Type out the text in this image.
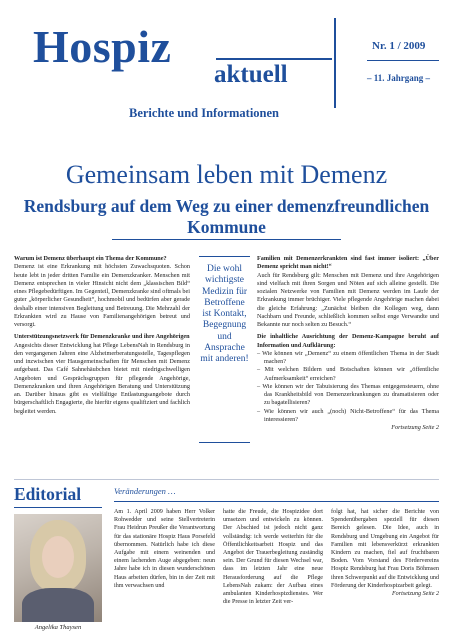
Hospiz
aktuell
Nr. 1 / 2009
– 11. Jahrgang –
Berichte und Informationen
Gemeinsam leben mit Demenz
Rendsburg auf dem Weg zu einer demenzfreundlichen Kommune

Warum ist Demenz überhaupt ein Thema der Kommune?

Demenz ist eine Erkrankung mit höchsten Zuwachsquoten. Schon heute lebt in jeder dritten Familie ein Demenzkranker. Menschen mit Demenz entsprechen in vieler Hinsicht nicht dem „klassischen Bild“ eines Pflegebedürftigen. Im Gegenteil, Demenzkranke sind oftmals bei guter „körperlicher Gesundheit“, hochmobil und bedürfen aber gerade deshalb einer intensiven Begleitung und Betreuung. Die Mehrzahl der Erkrankten wird zu Hause von Familienangehörigen betreut und versorgt.

Unterstützungsnetzwerk für Demenzkranke und ihre Angehörigen

Angesichts dieser Entwicklung hat Pflege LebensNah in Rendsburg in den vergangenen Jahren eine Alzheimerberatungsstelle, Tagespflegen und inzwischen vier Hausgemeinschaften für Menschen mit Demenz aufgebaut. Das Café Sahnehäubchen bietet mit niedrigschwelligen Angeboten und Gesprächsgruppen für pflegende Angehörige, Demenzkranken und ihren Angehörigen Beratung und Unterstützung an. Darüber hinaus gibt es vielfältige Entlastungsangebote durch bürgerschaftlich Engagierte, die hierfür eigens qualifiziert und fachlich begleitet werden.

Die wohl wichtigste Medizin für Betroffene ist Kontakt, Begegnung und Ansprache mit anderen!

Familien mit Demenzerkrankten sind fast immer isoliert: „Über Demenz spricht man nicht!“

Auch für Rendsburg gilt: Menschen mit Demenz und ihre Angehörigen sind vielfach mit ihren Sorgen und Nöten auf sich alleine gestellt. Die sozialen Netzwerke von Familien mit Demenz werden im Laufe der Erkrankung immer brüchiger. Viele pflegende Angehörige machen dabei die gleiche Erfahrung: „Zunächst bleiben die Kollegen weg, dann Nachbarn und Freunde, schließlich kommen selbst enge Verwandte und Bekannte nur noch selten zu Besuch.“

Die inhaltliche Ausrichtung der Demenz-Kampagne beruht auf Information und Aufklärung:

– Wie können wir „Demenz“ zu einem öffentlichen Thema in der Stadt machen?

– Mit welchen Bildern und Botschaften können wir „öffentliche Aufmerksamkeit“ erreichen?

– Wie können wir der Tabuisierung des Themas entgegensteuern, ohne das Krankheitsbild von Demenzerkrankungen zu dramatisieren oder zu bagatellisieren?

– Wie können wir auch „(noch) Nicht-Betroffene“ für das Thema interessieren?

Fortsetzung Seite 2

Editorial
Angelika Thaysen
Veränderungen …

Am 1. April 2009 haben Herr Volker Rohwedder und seine Stellvertreterin Frau Heidrun Preußer die Verantwortung für das stationäre Hospiz Haus Porsefeld übernommen. Natürlich habe ich diese Aufgabe mit einem weinenden und einem lachenden Auge abgegeben: neun Jahre habe ich in diesen wunderschönen Haus arbeiten dürfen, bin in der Zeit mit ihm verwachsen und

hatte die Freude, die Hospizidee dort umsetzen und entwickeln zu können. Der Abschied ist jedoch nicht ganz vollständig: ich werde weiterhin für die Öffentlichkeitsarbeit Hospiz und das Angebot der Trauerbegleitung zuständig sein. Der Grund für diesen Wechsel war, dass im letzten Jahr eine neue Herausforderung auf die Pflege LebensNah zukam: der Aufbau eines ambulanten Kinderhospizdienstes. Wer die Presse in letzter Zeit ver-

folgt hat, hat sicher die Berichte von Spendenübergaben speziell für diesen Bereich gelesen. Die Idee, auch in Rendsburg und Umgebung ein Angebot für Familien mit lebensverkürzt erkrankten Kindern zu machen, fiel auf fruchtbaren Boden. Vom Vorstand des Fördervereins Hospiz Rendsburg hat Frau Doris Böhmsen ihren Schwerpunkt auf die Entwicklung und Förderung der Kinderhospizarbeit gelegt.

Fortsetzung Seite 2
